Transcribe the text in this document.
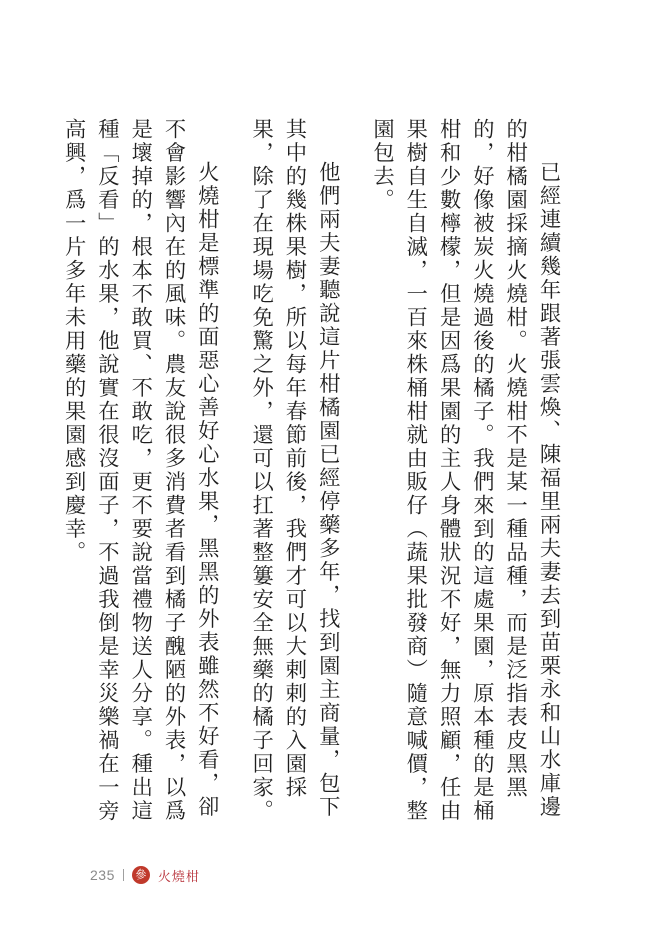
已經連續幾年跟著張雲煥、陳福里兩夫妻去到苗栗永和山水庫邊的柑橘園採摘火燒柑。火燒柑不是某一種品種，而是泛指表皮黑黑的，好像被炭火燒過後的橘子。我們來到的這處果園，原本種的是桶柑和少數檸檬，但是因爲果園的主人身體狀況不好，無力照顧，任由果樹自生自滅，一百來株桶柑就由販仔（蔬果批發商）隨意喊價，整園包去。

他們兩夫妻聽說這片柑橘園已經停藥多年，找到園主商量，包下其中的幾株果樹，所以每年春節前後，我們才可以大剌剌的入園採果，除了在現場吃免驚之外，還可以扛著整簍安全無藥的橘子回家。

火燒柑是標準的面惡心善好心水果，黑黑的外表雖然不好看，卻不會影響內在的風味。農友說很多消費者看到橘子醜陋的外表，以爲是壞掉的，根本不敢買、不敢吃，更不要說當禮物送人分享。種出這種「反看」的水果，他說實在很沒面子，不過我倒是幸災樂禍在一旁高興，爲一片多年未用藥的果園感到慶幸。

235	參 火燒柑
